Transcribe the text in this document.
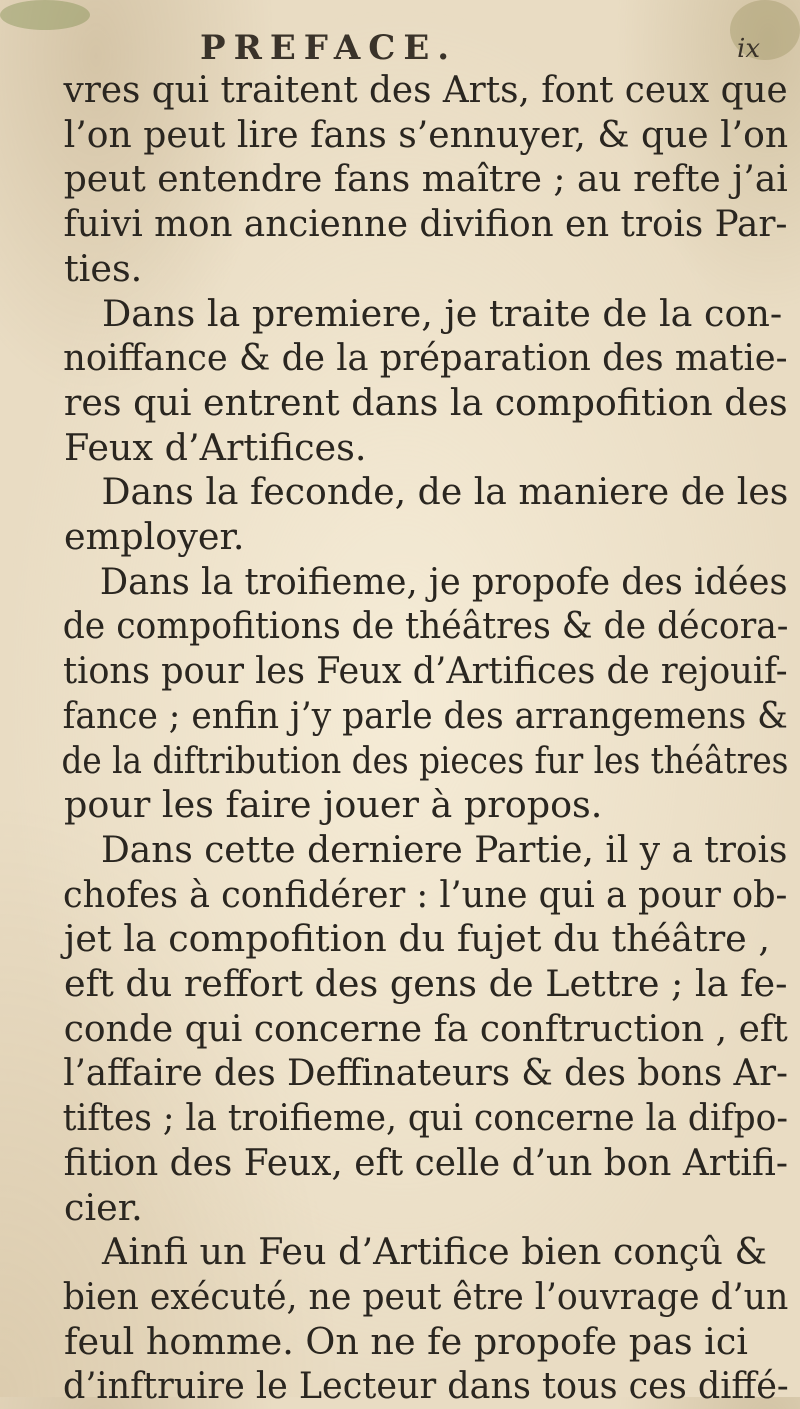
PREFACE.	ix
vres qui traitent des Arts, font ceux que
l’on peut lire fans s’ennuyer, & que l’on
peut entendre fans maître ; au refte j’ai
fuivi mon ancienne divifion en trois Par-
ties.
Dans la premiere, je traite de la con-
noiffance & de la préparation des matie-
res qui entrent dans la compofition des
Feux d’Artifices.
Dans la feconde, de la maniere de les
employer.
Dans la troifieme, je propofe des idées
de compofitions de théâtres & de décora-
tions pour les Feux d’Artifices de rejouif-
fance ; enfin j’y parle des arrangemens &
de la diftribution des pieces fur les théâtres
pour les faire jouer à propos.
Dans cette derniere Partie, il y a trois
chofes à confidérer : l’une qui a pour ob-
jet la compofition du fujet du théâtre ,
eft du reffort des gens de Lettre ; la fe-
conde qui concerne fa conftruction , eft
l’affaire des Deffinateurs & des bons Ar-
tiftes ; la troifieme, qui concerne la difpo-
fition des Feux, eft celle d’un bon Artifi-
cier.
Ainfi un Feu d’Artifice bien conçû &
bien exécuté, ne peut être l’ouvrage d’un
feul homme. On ne fe propofe pas ici
d’inftruire le Lecteur dans tous ces diffé-
